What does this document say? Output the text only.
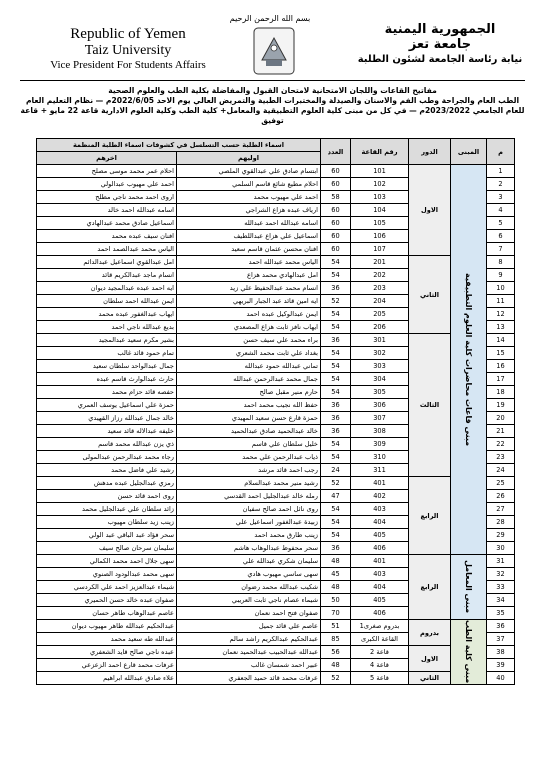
بسم الله الرحمن الرحيم
Republic of Yemen
Taiz University
Vice President For Students Affairs
الجمهورية اليمنية
جامعة تعز
نيابة رئاسة الجامعة لشئون الطلبة
مفاتيح القاعات واللجان الامتحانية لامتحان القبول والمفاضلة بكلية الطب والعلوم الصحية
الطب العام والجراحة وطب الفم والاسنان والصيدلة والمختبرات الطبية والتمريض العالي يوم الاحد 2022/6/05م — نظام التعليم العام
للعام الجامعي 2023/2022م — في كل من مبنى كلية العلوم التطبيقية والمعامل+ كلية الطب وكلية العلوم الادارية قاعة 22 مايو + قاعة توفيق
م	المبنى	الدور	رقم القاعة	العدد	اسماء الطلبة حسب التسلسل في كشوفات اسماء الطلبة المنظمة	
					اوليهم	اخرهم
1	مبنى قاعات محاضرات كلية العلوم التطبيقية	الاول	101	60	ابتسام صادق علي عبدالقوي الملصي	احلام عمر محمد موسى مصلح
2			102	60	احلام مطيع شائع قاسم السلمي	احمد علي مهيوب عبدالولي
3			103	58	احمد علي مهيوب محمد	اروى احمد محمد ناجي مطلح
4			104	60	ارياف عبده هزاع الشراجي	اسامه عبدالله احمد خالد
5			105	60	اسامه عبدالله احمد عبدالله	اسماعيل صادق محمد عبدالهادي
6			106	60	اسماعيل علي هزاع عبداللطيف	افنان سيف عبده محمد
7			107	60	افنان محسن عثمان قاسم سعيد	الياس محمد عبدالصمد احمد
8		الثاني	201	54	الياس محمد عبدالله احمد	امل عبدالقوي اسماعيل عبدالدائم
9			202	54	امل عبدالهادي محمد هزاع	انسام ماجد عبدالكريم قائد
10			203	36	انسام محمد عبدالحفيظ علي زيد	ايه احمد عبده عبدالمجيد ديوان
11			204	52	ايه امين قائد عبد الجبار البريهي	ايمن عبدالله احمد سلطان
12			205	54	ايمن عبدالوكيل عبده احمد	ايهاب عبدالغفور عبده محمد
13			206	54	ايهاب نافز ثابت هزاع المصعدي	بديع عبدالله ناجي احمد
14		الثالث	301	36	براء محمد علي سيف حسن	بشير مكرم سعيد عبدالمجيد
15			302	54	بغداد علي ثابت محمد الشعري	تمام حمود قائد غالب
16			303	54	تماني عبدالله حمود عبدالله	جمال عبدالواحد سلطان سعيد
17			304	54	جمال محمد عبدالرحمن عبدالله	حارث عبدالوارث قاسم عبده
18			305	54	حارم منير مقبل صالح	حفصه قائد حزام محمد
19			306	36	حفظ الله نجيب محمد احمد	حمزة علي اسماعيل يوسف العمري
20			307	36	حمزة قارع حسن سعيد المهيدي	خالد جمال عبدالله رزاز القهيدي
21			308	36	خالد عبدالحميد صادق عبدالحميد	خليفه عبدالاله قائد سعيد
22			309	54	خليل سلطان علي قاسم	ذي يزن عبدالله محمد قاسم
23			310	54	ذياب عبدالرحمن علي محمد	رجاء محمد عبدالرحمن عبدالمولى
24			311	24	رجب احمد قائد مرشد	رشيد علي فاضل محمد
25		الرابع	401	52	رشيد منير محمد عبدالسلام	رمزي عبدالجليل عبده مدهش
26			402	47	رمله خالد عبدالجليل احمد القدسي	روى احمد قائد حسن
27			403	54	روى نائل احمد صالح سفيان	زائد سلطان علي عبدالجليل محمد
28			404	54	زبيدة عبدالغفور اسماعيل علي	زينب زيد سلطان مهيوب
29			405	54	زينب طارق محمد احمد	سحر فؤاد عبد الباقي عبد الولي
30			406	36	سحر محفوظ عبدالوهاب هاشم	سليمان سرحان صالح سيف
31	مبنى المعامل	الرابع	401	48	سليمان شكري عبدالله علي	سهى جلال احمد محمد الكمالي
32			403	45	سهى ساسي مهيوب هادي	سهى محمد عبدالودود الصنوي
33			404	48	شكيب عبدالله محمد رضوان	شيماء عبدالعزيز احمد علي الكردسي
34			405	50	شيماء عصام ناجي ثابت العريبي	صفوان عبده خالد حسن الحميري
35			406	70	صفوان فتح احمد نعمان	عاصم عبدالوهاب طاهر حسان
36	مبنى كلية الطب	بدروم	بدروم صغرى1	51	عاصم علي قائد جميل	عبدالحكيم عبدالله طاهر مهيوب ديوان
37			القاعة الكبرى	85	عبدالحكيم عبدالكريم راشد سالم	عبدالله طه سعيد محمد
38		الاول	قاعة 2	56	عبدالله عبدالحبيب عبدالحميد نعمان	عبده ناجي صالح قايد الشعفري
39			قاعة 4	48	عبير احمد شمسان غالب	عرفات محمد قارع احمد الزعزعي
40		الثاني	قاعة 5	52	عرفات محمد قائد حميد الجعفري	علاء صادق عبدالله ابراهيم
